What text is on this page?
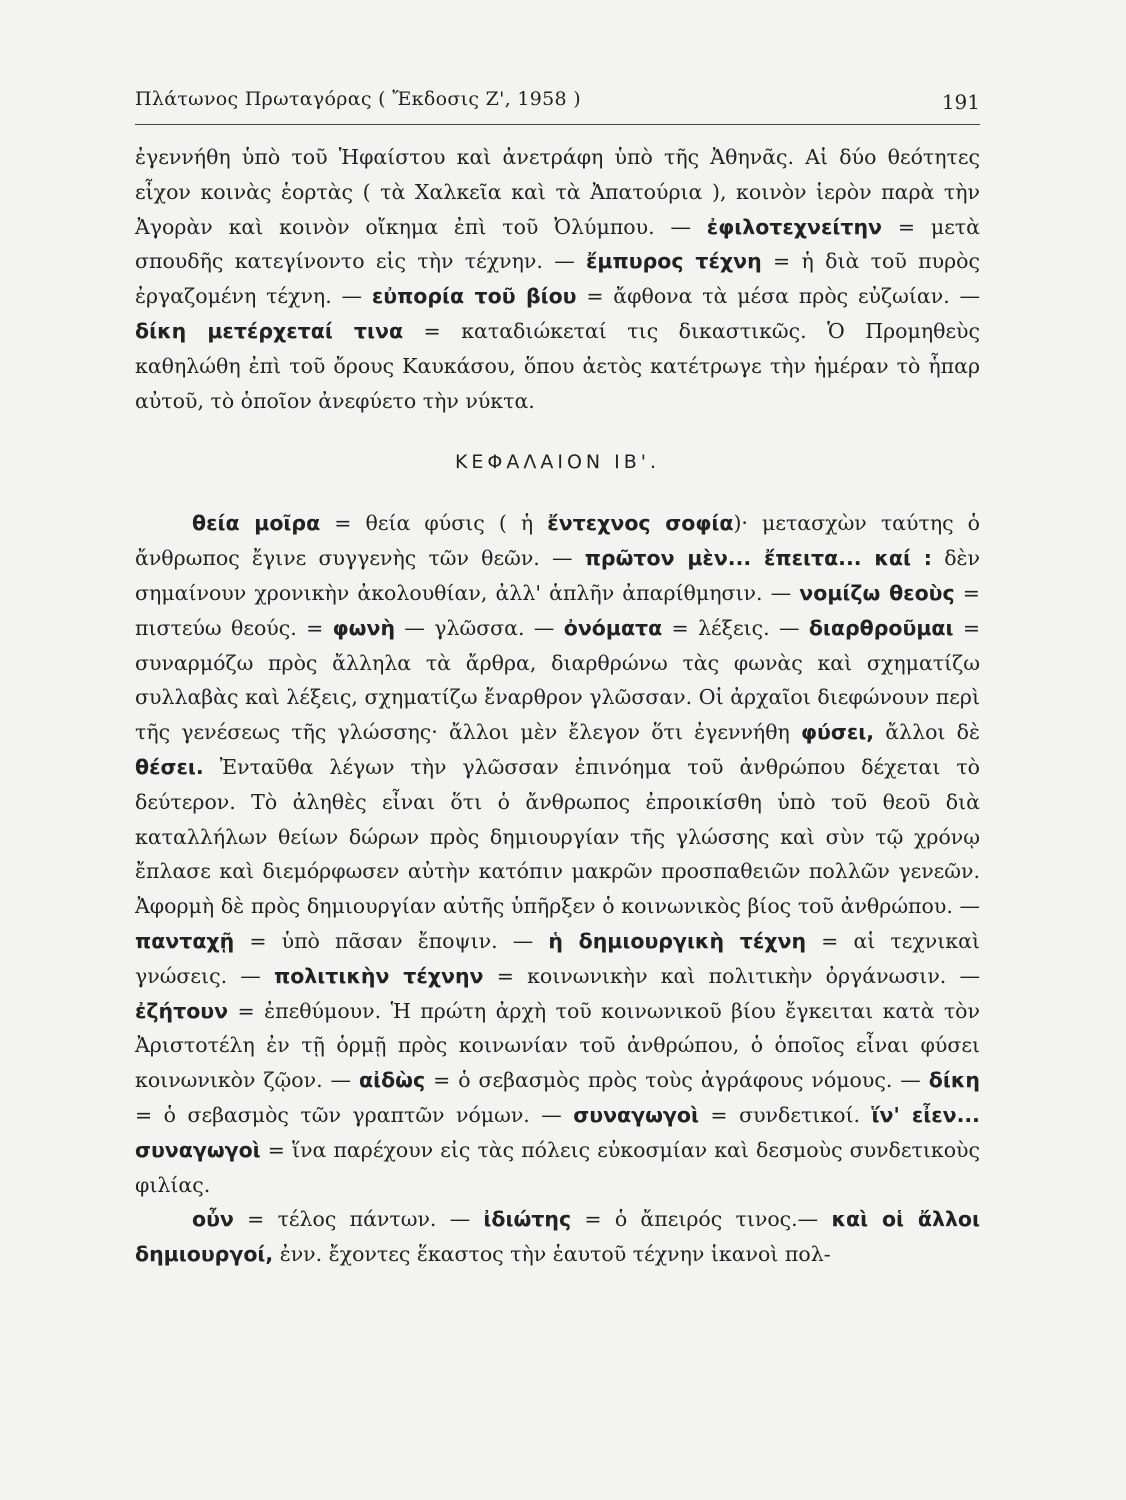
Πλάτωνος Πρωταγόρας ( Ἔκδοσις Ζ', 1958 )	191

ἐγεννήθη ὑπὸ τοῦ Ἡφαίστου καὶ ἀνετράφη ὑπὸ τῆς Ἀθηνᾶς. Αἱ δύο θεότητες εἶχον κοινὰς ἑορτὰς ( τὰ Χαλκεῖα καὶ τὰ Ἀπατούρια ), κοινὸν ἱερὸν παρὰ τὴν Ἀγορὰν καὶ κοινὸν οἴκημα ἐπὶ τοῦ Ὀλύμπου. — ἐφιλοτεχνείτην = μετὰ σπουδῆς κατεγίνοντο εἰς τὴν τέχνην. — ἔμπυρος τέχνη = ἡ διὰ τοῦ πυρὸς ἐργαζομένη τέχνη. — εὐπορία τοῦ βίου = ἄφθονα τὰ μέσα πρὸς εὐζωίαν. — δίκη μετέρχεταί τινα = καταδιώκεταί τις δικαστικῶς. Ὁ Προμηθεὺς καθηλώθη ἐπὶ τοῦ ὄρους Καυκάσου, ὅπου ἀετὸς κατέτρωγε τὴν ἡμέραν τὸ ἧπαρ αὐτοῦ, τὸ ὁποῖον ἀνεφύετο τὴν νύκτα.

ΚΕΦΑΛΑΙΟΝ ΙΒ'.

θεία μοῖρα = θεία φύσις ( ἡ ἔντεχνος σοφία)· μετασχὼν ταύτης ὁ ἄνθρωπος ἔγινε συγγενὴς τῶν θεῶν. — πρῶτον μὲν... ἔπειτα... καί : δὲν σημαίνουν χρονικὴν ἀκολουθίαν, ἀλλ' ἁπλῆν ἀπαρίθμησιν. — νομίζω θεοὺς = πιστεύω θεούς. = φωνὴ — γλῶσσα. — ὀνόματα = λέξεις. — διαρθροῦμαι = συναρμόζω πρὸς ἄλληλα τὰ ἄρθρα, διαρθρώνω τὰς φωνὰς καὶ σχηματίζω συλλαβὰς καὶ λέξεις, σχηματίζω ἔναρθρον γλῶσσαν. Οἱ ἀρχαῖοι διεφώνουν περὶ τῆς γενέσεως τῆς γλώσσης· ἄλλοι μὲν ἔλεγον ὅτι ἐγεννήθη φύσει, ἄλλοι δὲ θέσει. Ἐνταῦθα λέγων τὴν γλῶσσαν ἐπινόημα τοῦ ἀνθρώπου δέχεται τὸ δεύτερον. Τὸ ἀληθὲς εἶναι ὅτι ὁ ἄνθρωπος ἐπροικίσθη ὑπὸ τοῦ θεοῦ διὰ καταλλήλων θείων δώρων πρὸς δημιουργίαν τῆς γλώσσης καὶ σὺν τῷ χρόνῳ ἔπλασε καὶ διεμόρφωσεν αὐτὴν κατόπιν μακρῶν προσπαθειῶν πολλῶν γενεῶν. Ἀφορμὴ δὲ πρὸς δημιουργίαν αὐτῆς ὑπῆρξεν ὁ κοινωνικὸς βίος τοῦ ἀνθρώπου. — πανταχῇ = ὑπὸ πᾶσαν ἔποψιν. — ἡ δημιουργικὴ τέχνη = αἱ τεχνικαὶ γνώσεις. — πολιτικὴν τέχνην = κοινωνικὴν καὶ πολιτικὴν ὀργάνωσιν. — ἐζήτουν = ἐπεθύμουν. Ἡ πρώτη ἀρχὴ τοῦ κοινωνικοῦ βίου ἔγκειται κατὰ τὸν Ἀριστοτέλη ἐν τῇ ὁρμῇ πρὸς κοινωνίαν τοῦ ἀνθρώπου, ὁ ὁποῖος εἶναι φύσει κοινωνικὸν ζῷον. — αἰδὼς = ὁ σεβασμὸς πρὸς τοὺς ἀγράφους νόμους. — δίκη = ὁ σεβασμὸς τῶν γραπτῶν νόμων. — συναγωγοὶ = συνδετικοί. ἵν' εἶεν... συναγωγοὶ = ἵνα παρέχουν εἰς τὰς πόλεις εὐκοσμίαν καὶ δεσμοὺς συνδετικοὺς φιλίας.

οὖν = τέλος πάντων. — ἰδιώτης = ὁ ἄπειρός τινος.— καὶ οἱ ἄλλοι δημιουργοί, ἐνν. ἔχοντες ἕκαστος τὴν ἑαυτοῦ τέχνην ἱκανοὶ πολ-
